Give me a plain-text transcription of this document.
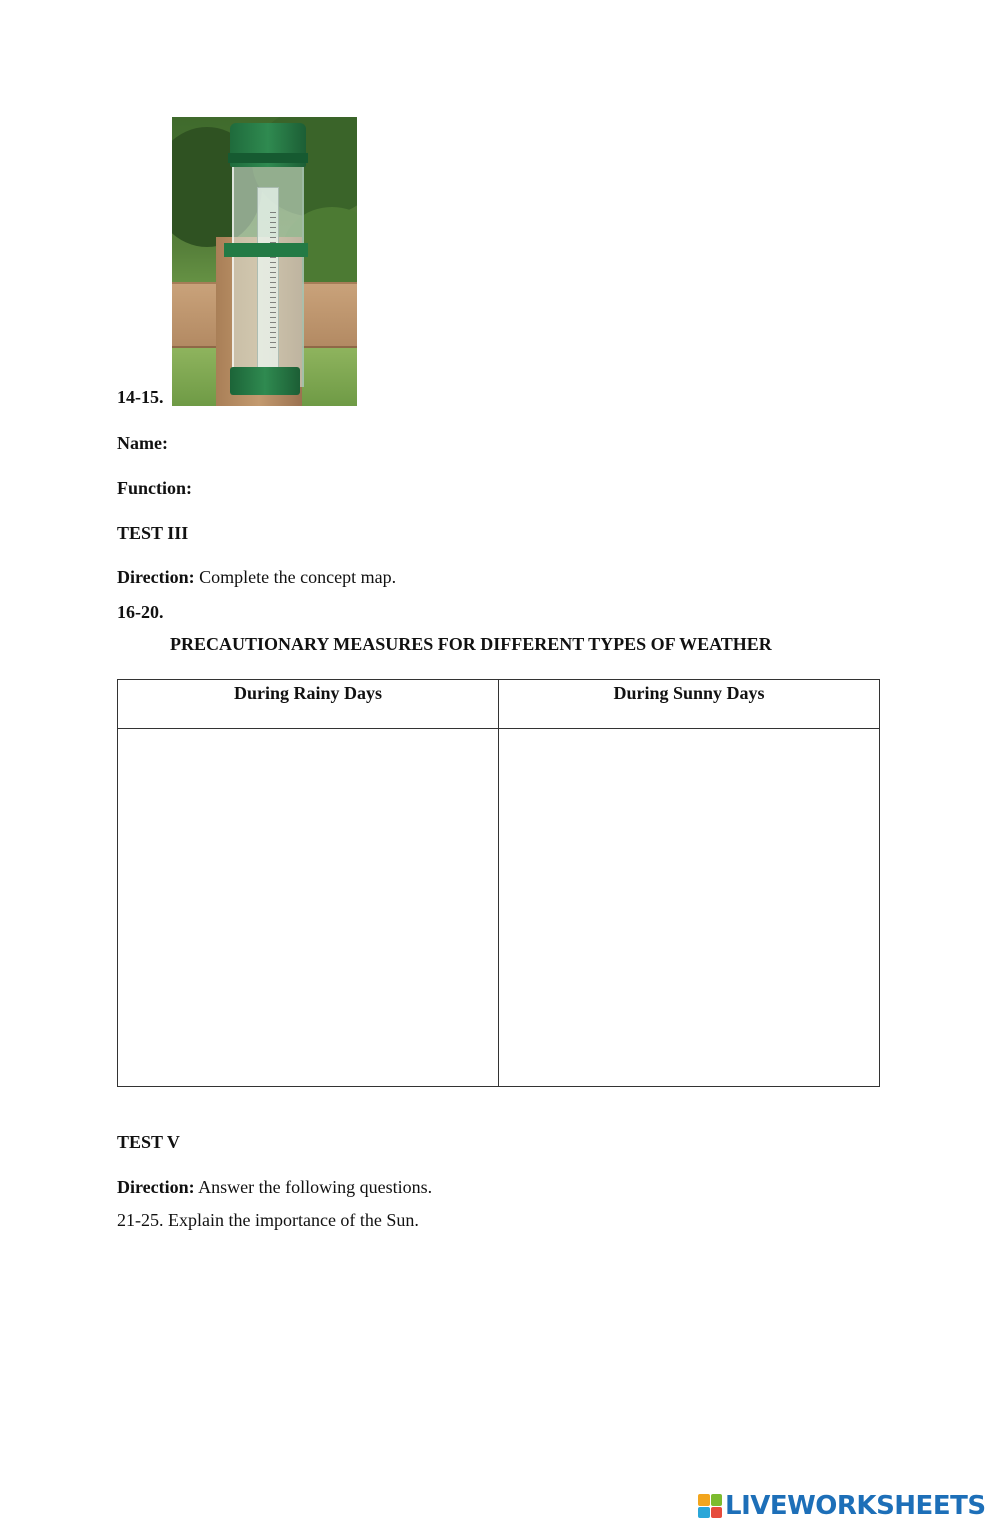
14-15.
Name:
Function:
TEST III
Direction: Complete the concept map.
16-20.
PRECAUTIONARY MEASURES FOR DIFFERENT TYPES OF WEATHER
During Rainy Days	During Sunny Days

TEST V
Direction: Answer the following questions.
21-25. Explain the importance of the Sun.
LIVEWORKSHEETS
